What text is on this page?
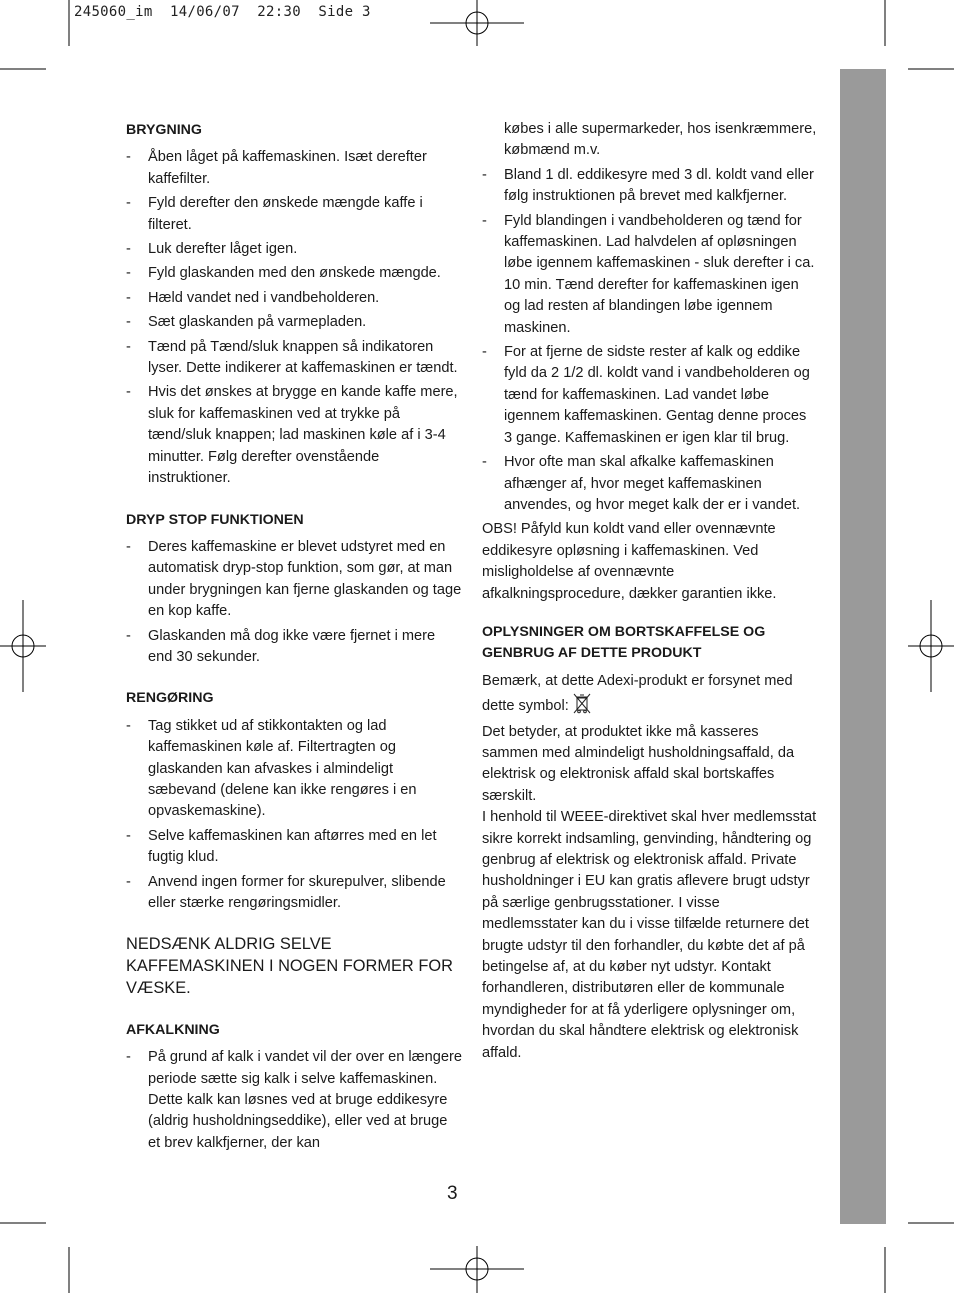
245060_im  14/06/07  22:30  Side 3
BRYGNING
- Åben låget på kaffemaskinen. Isæt derefter kaffefilter.
- Fyld derefter den ønskede mængde kaffe i filteret.
- Luk derefter låget igen.
- Fyld glaskanden med den ønskede mængde.
- Hæld vandet ned i vandbeholderen.
- Sæt glaskanden på varmepladen.
- Tænd på Tænd/sluk knappen så indikatoren lyser. Dette indikerer at kaffemaskinen er tændt.
- Hvis det ønskes at brygge en kande kaffe mere, sluk for kaffemaskinen ved at trykke på tænd/sluk knappen; lad maskinen køle af i 3-4 minutter. Følg derefter ovenstående instruktioner.
DRYP STOP FUNKTIONEN
- Deres kaffemaskine er blevet udstyret med en automatisk dryp-stop funktion, som gør, at man under brygningen kan fjerne glaskanden og tage en kop kaffe.
- Glaskanden må dog ikke være fjernet i mere end 30 sekunder.
RENGØRING
- Tag stikket ud af stikkontakten og lad kaffemaskinen køle af. Filtertragten og glaskanden kan afvaskes i almindeligt sæbevand (delene kan ikke rengøres i en opvaskemaskine).
- Selve kaffemaskinen kan aftørres med en let fugtig klud.
- Anvend ingen former for skurepulver, slibende eller stærke rengøringsmidler.
NEDSÆNK ALDRIG SELVE KAFFEMASKINEN I NOGEN FORMER FOR VÆSKE.
AFKALKNING
- På grund af kalk i vandet vil der over en længere periode sætte sig kalk i selve kaffemaskinen. Dette kalk kan løsnes ved at bruge eddikesyre (aldrig husholdningseddike), eller ved at bruge et brev kalkfjerner, der kan
købes i alle supermarkeder, hos isenkræmmere, købmænd m.v.
- Bland 1 dl. eddikesyre med 3 dl. koldt vand eller følg instruktionen på brevet med kalkfjerner.
- Fyld blandingen i vandbeholderen og tænd for kaffemaskinen. Lad halvdelen af opløsningen løbe igennem kaffemaskinen - sluk derefter i ca. 10 min. Tænd derefter for kaffemaskinen igen og lad resten af blandingen løbe igennem maskinen.
- For at fjerne de sidste rester af kalk og eddike fyld da 2 1/2 dl. koldt vand i vandbeholderen og tænd for kaffemaskinen. Lad vandet løbe igennem kaffemaskinen. Gentag denne proces 3 gange. Kaffemaskinen er igen klar til brug.
- Hvor ofte man skal afkalke kaffemaskinen afhænger af, hvor meget kaffemaskinen anvendes, og hvor meget kalk der er i vandet.

OBS! Påfyld kun koldt vand eller ovennævnte eddikesyre opløsning i kaffemaskinen. Ved misligholdelse af ovennævnte afkalkningsprocedure, dækker garantien ikke.

OPLYSNINGER OM BORTSKAFFELSE OG GENBRUG AF DETTE PRODUKT

Bemærk, at dette Adexi-produkt er forsynet med dette symbol:

Det betyder, at produktet ikke må kasseres sammen med almindeligt husholdningsaffald, da elektrisk og elektronisk affald skal bortskaffes særskilt.

I henhold til WEEE-direktivet skal hver medlemsstat sikre korrekt indsamling, genvinding, håndtering og genbrug af elektrisk og elektronisk affald. Private husholdninger i EU kan gratis aflevere brugt udstyr på særlige genbrugsstationer. I visse medlemsstater kan du i visse tilfælde returnere det brugte udstyr til den forhandler, du købte det af på betingelse af, at du køber nyt udstyr. Kontakt forhandleren, distributøren eller de kommunale myndigheder for at få yderligere oplysninger om, hvordan du skal håndtere elektrisk og elektronisk affald.

3
